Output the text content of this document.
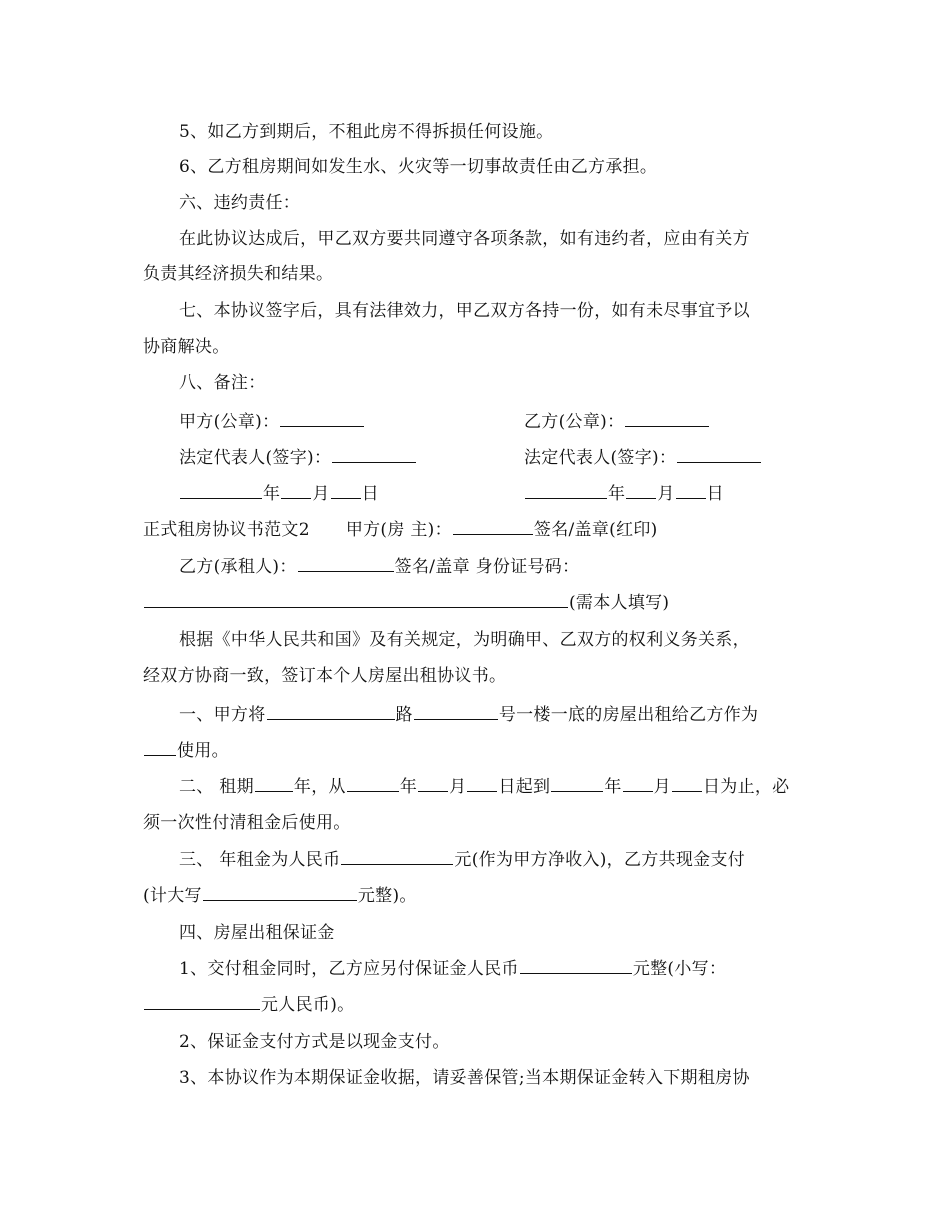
5、如乙方到期后，不租此房不得拆损任何设施。
6、乙方租房期间如发生水、火灾等一切事故责任由乙方承担。
六、违约责任：
在此协议达成后，甲乙双方要共同遵守各项条款，如有违约者，应由有关方
负责其经济损失和结果。
七、本协议签字后，具有法律效力，甲乙双方各持一份，如有未尽事宜予以
协商解决。
八、备注：
甲方(公章)：	乙方(公章)：
法定代表人(签字)：	法定代表人(签字)：
年 月 日	年 月 日
正式租房协议书范文2 甲方(房 主)：	签名/盖章(红印)
乙方(承租人)：	签名/盖章 身份证号码：
(需本人填写)
根据《中华人民共和国》及有关规定，为明确甲、乙双方的权利义务关系，
经双方协商一致，签订本个人房屋出租协议书。
一、甲方将	路	号一楼一底的房屋出租给乙方作为
使用。
二、 租期 年，从	年 月 日起到	年 月 日为止，必
须一次性付清租金后使用。
三、 年租金为人民币	元(作为甲方净收入)，乙方共现金支付
(计大写	元整)。
四、房屋出租保证金
1、交付租金同时，乙方应另付保证金人民币	元整(小写：
元人民币)。
2、保证金支付方式是以现金支付。
3、本协议作为本期保证金收据，请妥善保管;当本期保证金转入下期租房协
